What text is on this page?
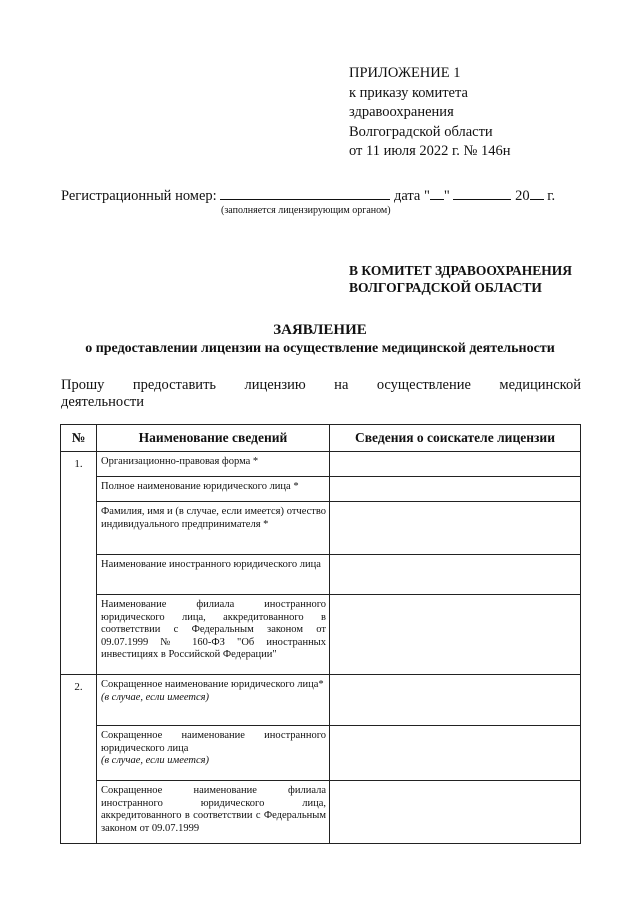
ПРИЛОЖЕНИЕ 1
к приказу комитета
здравоохранения
Волгоградской области
от 11 июля 2022 г. № 146н
Регистрационный номер:	дата " "	20 г.
(заполняется лицензирующим органом)
В КОМИТЕТ ЗДРАВООХРАНЕНИЯ
ВОЛГОГРАДСКОЙ ОБЛАСТИ
ЗАЯВЛЕНИЕ
о предоставлении лицензии на осуществление медицинской деятельности
Прошу предоставить лицензию на осуществление медицинской
деятельности
№	Наименование сведений	Сведения о соискателе лицензии
1.	Организационно-правовая форма *	
	Полное наименование юридического лица *	
	Фамилия, имя и (в случае, если имеется) отчество индивидуального предпринимателя *	
	Наименование иностранного юридического лица	
	Наименование филиала иностранного юридического лица, аккредитованного в соответствии с Федеральным законом от 09.07.1999 № 160-ФЗ "Об иностранных инвестициях в Российской Федерации"	
2.	Сокращенное наименование юридического лица*
(в случае, если имеется)	
	Сокращенное наименование иностранного юридического лица
(в случае, если имеется)	
	Сокращенное наименование филиала иностранного юридического лица, аккредитованного в соответствии с Федеральным законом от 09.07.1999	
